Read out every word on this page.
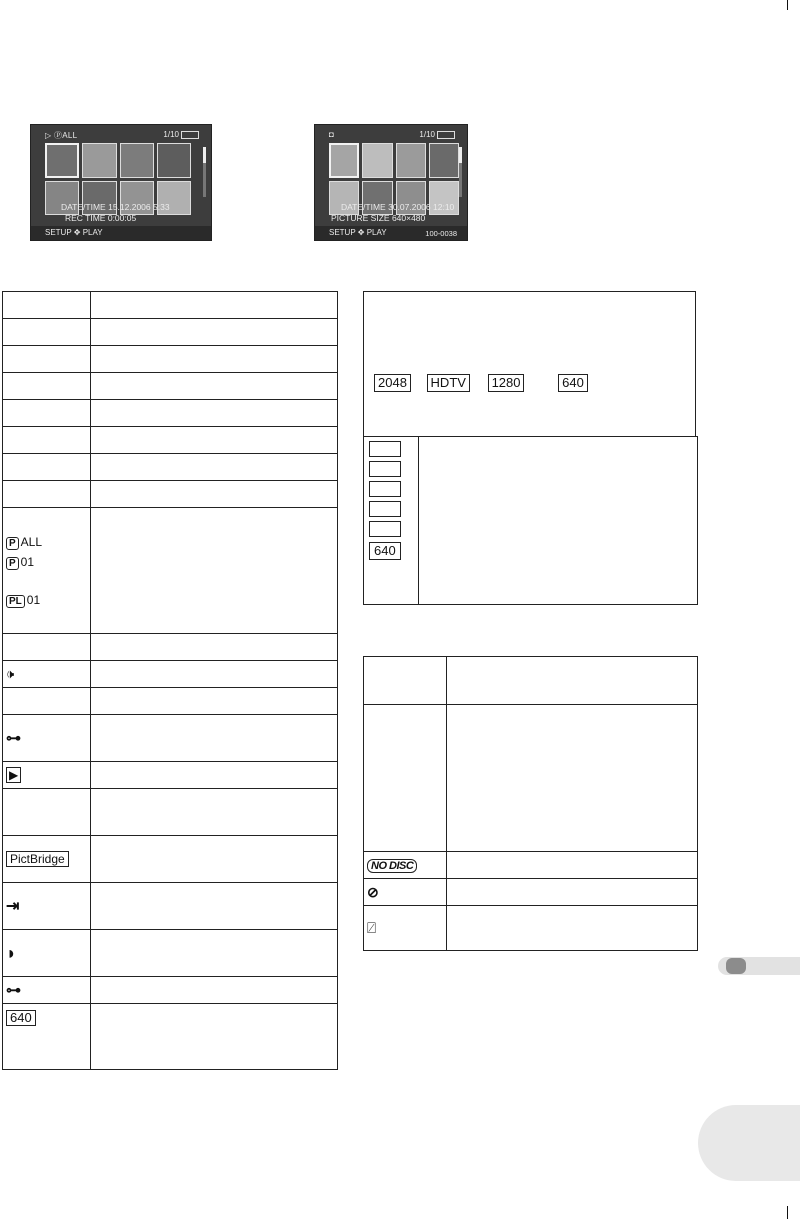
▷ ⓅALL	1/10
DATE/TIME 15.12.2006 5:33
REC TIME 0:00:05
SETUP ✥ PLAY
◘	1/10
DATE/TIME 30.07.2006 12:10
PICTURE SIZE 640×480
SETUP ✥ PLAY	100-0038

P ALL
P 01
PL 01	

🕩	

⊶	
▶	

PictBridge	
⇥	
◗	
⊶	
640	
2048 HDTV 1280	640
640	

NO DISC	
⊘	
⍁	
